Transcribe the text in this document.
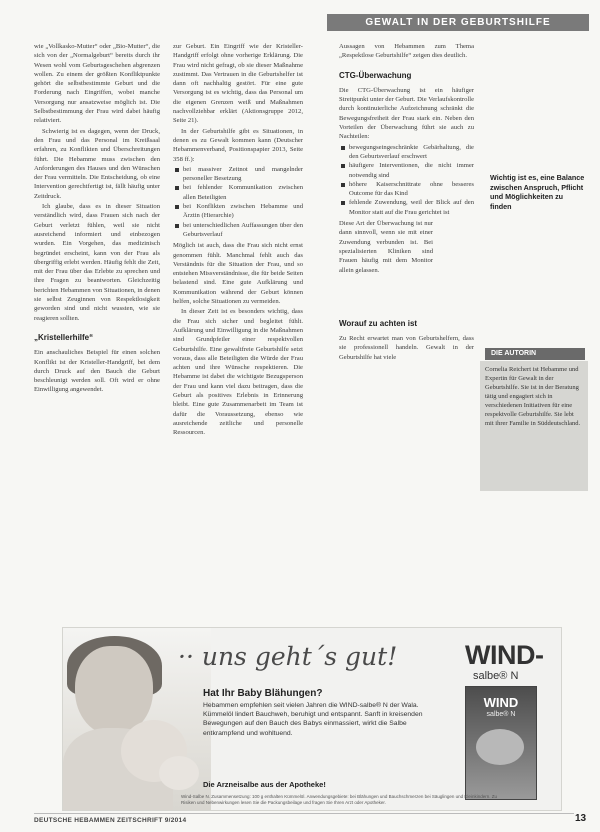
GEWALT IN DER GEBURTSHILFE

wie „Vollkasko-Mutter“ oder „Bio-Mutter“, die sich von der „Normalgeburt“ bereits durch ihr Wesen wohl vom Geburtsgeschehen abgrenzen wollen. Zu einem der größten Konfliktpunkte gehört die selbstbestimmte Geburt und die Forderung nach Eingriffen, wobei manche Versorgung nur ansatzweise möglich ist. Die Selbstbestimmung der Frau wird dabei häufig relativiert.

Schwierig ist es dagegen, wenn der Druck, den Frau und das Personal im Kreißsaal erfahren, zu Konflikten und Überschreitungen führt. Die Hebamme muss zwischen den Anforderungen des Hauses und den Wünschen der Frau vermitteln. Die Entscheidung, ob eine Intervention gerechtfertigt ist, fällt häufig unter Zeitdruck.

Ich glaube, dass es in dieser Situation verständlich wird, dass Frauen sich nach der Geburt verletzt fühlen, weil sie nicht ausreichend informiert und einbezogen wurden. Ein Vorgehen, das medizinisch begründet erscheint, kann von der Frau als übergriffig erlebt werden. Häufig fehlt die Zeit, mit der Frau über das Erlebte zu sprechen und ihre Fragen zu beantworten. Gleichzeitig berichten Hebammen von Situationen, in denen sie selbst Zeuginnen von Respektlosigkeit geworden sind und nicht wussten, wie sie reagieren sollten.

„Kristellerhilfe“

Ein anschauliches Beispiel für einen solchen Konflikt ist der Kristeller-Handgriff, bei dem durch Druck auf den Bauch die Geburt beschleunigt werden soll. Oft wird er ohne Einwilligung angewendet.

zur Geburt. Ein Eingriff wie der Kristeller-Handgriff erfolgt ohne vorherige Erklärung. Die Frau wird nicht gefragt, ob sie dieser Maßnahme zustimmt. Das Vertrauen in die Geburtshelfer ist dann oft nachhaltig gestört. Für eine gute Versorgung ist es wichtig, dass das Personal um die eigenen Grenzen weiß und Maßnahmen nachvollziehbar erklärt (Aktionsgruppe 2012, Seite 21).

In der Geburtshilfe gibt es Situationen, in denen es zu Gewalt kommen kann (Deutscher Hebammenverband, Positionspapier 2013, Seite 358 ff.):

bei massiver Zeitnot und mangelnder personeller Besetzung
bei fehlender Kommunikation zwischen allen Beteiligten
bei Konflikten zwischen Hebamme und Ärztin (Hierarchie)
bei unterschiedlichen Auffassungen über den Geburtsverlauf

Möglich ist auch, dass die Frau sich nicht ernst genommen fühlt. Manchmal fehlt auch das Verständnis für die Situation der Frau, und so entstehen Missverständnisse, die für beide Seiten belastend sind. Eine gute Aufklärung und Kommunikation während der Geburt können helfen, solche Situationen zu vermeiden.

In dieser Zeit ist es besonders wichtig, dass die Frau sich sicher und begleitet fühlt. Aufklärung und Einwilligung in die Maßnahmen sind Grundpfeiler einer respektvollen Geburtshilfe. Eine gewaltfreie Geburtshilfe setzt voraus, dass alle Beteiligten die Würde der Frau achten und ihre Wünsche respektieren. Die Hebamme ist dabei die wichtigste Bezugsperson der Frau und kann viel dazu beitragen, dass die Geburt als positives Erlebnis in Erinnerung bleibt. Eine gute Zusammenarbeit im Team ist dafür die Voraussetzung, ebenso wie ausreichende zeitliche und personelle Ressourcen.

Aussagen von Hebammen zum Thema „Respektlose Geburtshilfe“ zeigen dies deutlich.

CTG-Überwachung

Die CTG-Überwachung ist ein häufiger Streitpunkt unter der Geburt. Die Verlaufskontrolle durch kontinuierliche Aufzeichnung schränkt die Bewegungsfreiheit der Frau stark ein. Neben den Vorteilen der Überwachung führt sie auch zu Nachteilen:

bewegungseingeschränkte Gebärhaltung, die den Geburtsverlauf erschwert
häufigere Interventionen, die nicht immer notwendig sind
höhere Kaiserschnittrate ohne besseres Outcome für das Kind
fehlende Zuwendung, weil der Blick auf den Monitor statt auf die Frau gerichtet ist

Diese Art der Überwachung ist nur dann sinnvoll, wenn sie mit einer Zuwendung verbunden ist. Bei spezialisierten Kliniken sind Frauen häufig mit dem Monitor allein gelassen.

Worauf zu achten ist

Zu Recht erwartet man von Geburtshelfern, dass sie professionell handeln. Gewalt in der Geburtshilfe hat viele

Wichtig ist es, eine Balance zwischen Anspruch, Pflicht und Möglichkeiten zu finden
DIE AUTORIN
Cornelia Reichert ist Hebamme und Expertin für Gewalt in der Geburtshilfe. Sie ist in der Beratung tätig und engagiert sich in verschiedenen Initiativen für eine respektvolle Geburtshilfe. Sie lebt mit ihrer Familie in Süddeutschland.
·· uns geht´s gut!	WIND-
salbe® N
Hat Ihr Baby Blähungen?
Hebammen empfehlen seit vielen Jahren die WIND-salbe® N der Wala. Kümmelöl lindert Bauchweh, beruhigt und entspannt. Sanft in kreisenden Bewegungen auf den Bauch des Babys einmassiert, wirkt die Salbe entkrampfend und wohltuend.
Die Arzneisalbe aus der Apotheke!
WIND
salbe® N
Wind-Salbe N. Zusammensetzung: 100 g enthalten Kümmelöl. Anwendungsgebiete: bei Blähungen und Bauchschmerzen bei Säuglingen und Kleinkindern. Zu Risiken und Nebenwirkungen lesen Sie die Packungsbeilage und fragen Sie Ihren Arzt oder Apotheker.
DEUTSCHE HEBAMMEN ZEITSCHRIFT 9/2014	13
